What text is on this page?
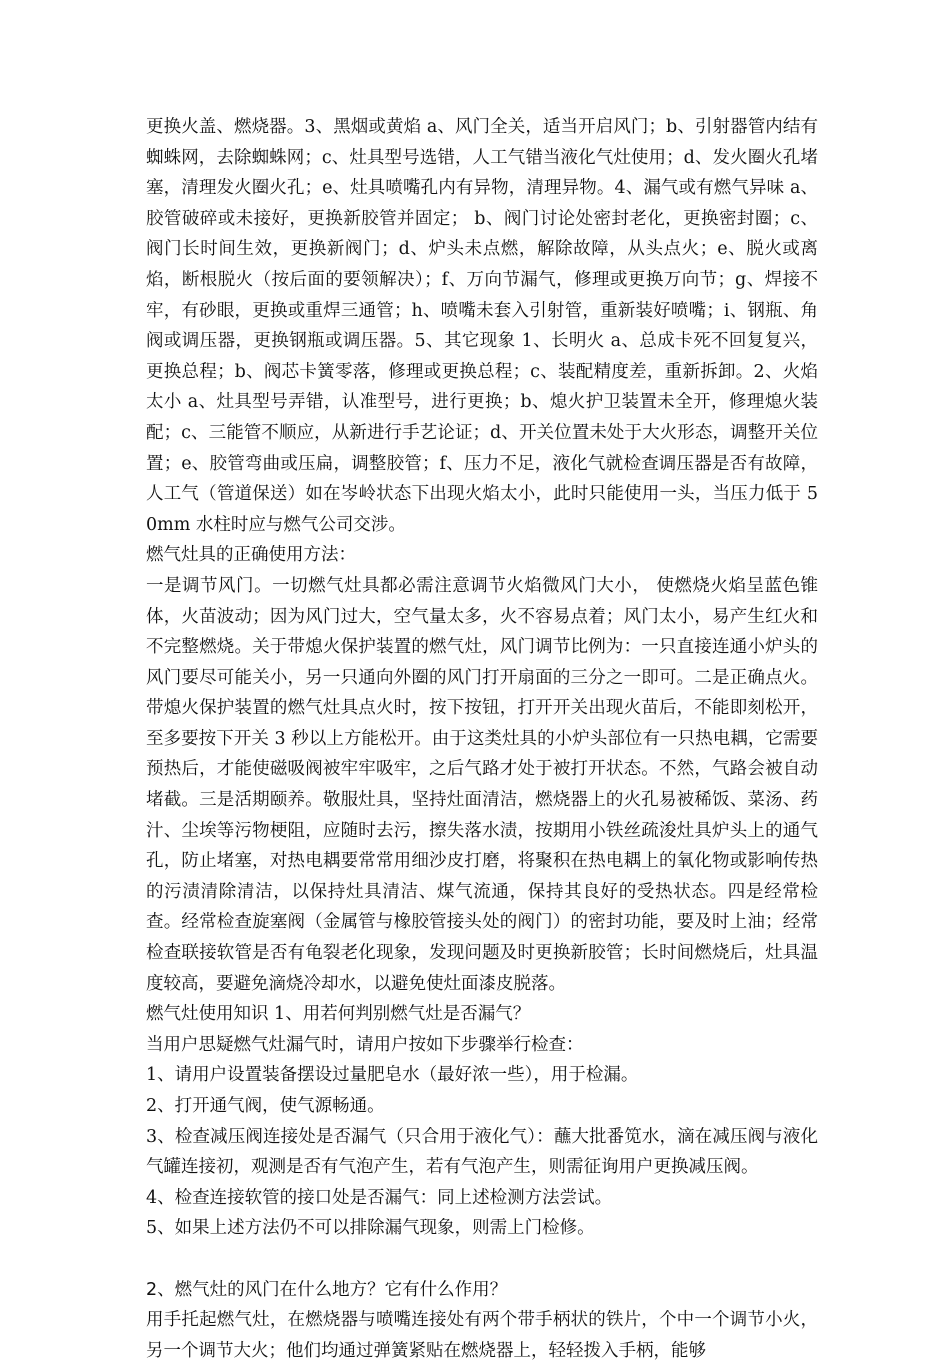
更换火盖、燃烧器。3、黑烟或黄焰 a、风门全关，适当开启风门；b、引射器管内结有蜘蛛网，去除蜘蛛网；c、灶具型号选错，人工气错当液化气灶使用；d、发火圈火孔堵塞，清理发火圈火孔；e、灶具喷嘴孔内有异物，清理异物。4、漏气或有燃气异味 a、胶管破碎或未接好，更换新胶管并固定； b、阀门讨论处密封老化，更换密封圈；c、阀门长时间生效，更换新阀门；d、炉头未点燃，解除故障，从头点火；e、脱火或离焰，断根脱火（按后面的要领解决）；f、万向节漏气，修理或更换万向节；g、焊接不牢，有砂眼，更换或重焊三通管；h、喷嘴未套入引射管，重新装好喷嘴；i、钢瓶、角阀或调压器，更换钢瓶或调压器。5、其它现象 1、长明火 a、总成卡死不回复复兴，更换总程；b、阀芯卡簧零落，修理或更换总程；c、装配精度差，重新拆卸。2、火焰太小 a、灶具型号弄错，认准型号，进行更换；b、熄火护卫装置未全开，修理熄火装配；c、三能管不顺应，从新进行手艺论证；d、开关位置未处于大火形态，调整开关位置；e、胶管弯曲或压扁，调整胶管；f、压力不足，液化气就检查调压器是否有故障，人工气（管道保送）如在岑岭状态下出现火焰太小，此时只能使用一头，当压力低于 50mm 水柱时应与燃气公司交涉。

燃气灶具的正确使用方法：

一是调节风门。一切燃气灶具都必需注意调节火焰微风门大小， 使燃烧火焰呈蓝色锥体，火苗波动；因为风门过大，空气量太多，火不容易点着；风门太小，易产生红火和不完整燃烧。关于带熄火保护装置的燃气灶，风门调节比例为：一只直接连通小炉头的风门要尽可能关小，另一只通向外圈的风门打开扇面的三分之一即可。二是正确点火。带熄火保护装置的燃气灶具点火时，按下按钮，打开开关出现火苗后，不能即刻松开，至多要按下开关 3 秒以上方能松开。由于这类灶具的小炉头部位有一只热电耦，它需要预热后，才能使磁吸阀被牢牢吸牢，之后气路才处于被打开状态。不然，气路会被自动堵截。三是活期颐养。敬服灶具，坚持灶面清洁，燃烧器上的火孔易被稀饭、菜汤、药汁、尘埃等污物梗阻，应随时去污，擦失落水渍，按期用小铁丝疏浚灶具炉头上的通气孔，防止堵塞，对热电耦要常常用细沙皮打磨，将聚积在热电耦上的氧化物或影响传热的污渍清除清洁，以保持灶具清洁、煤气流通，保持其良好的受热状态。四是经常检查。经常检查旋塞阀（金属管与橡胶管接头处的阀门）的密封功能，要及时上油；经常检查联接软管是否有龟裂老化现象，发现问题及时更换新胶管；长时间燃烧后，灶具温度较高，要避免滴烧冷却水，以避免使灶面漆皮脱落。

燃气灶使用知识 1、用若何判别燃气灶是否漏气？

当用户思疑燃气灶漏气时，请用户按如下步骤举行检查：

1、请用户设置装备摆设过量肥皂水（最好浓一些），用于检漏。

2、打开通气阀，使气源畅通。

3、检查减压阀连接处是否漏气（只合用于液化气）：蘸大批番笕水，滴在减压阀与液化气罐连接初，观测是否有气泡产生，若有气泡产生，则需征询用户更换减压阀。

4、检查连接软管的接口处是否漏气：同上述检测方法尝试。

5、如果上述方法仍不可以排除漏气现象，则需上门检修。

2、燃气灶的风门在什么地方？它有什么作用？

用手托起燃气灶，在燃烧器与喷嘴连接处有两个带手柄状的铁片，个中一个调节小火，另一个调节大火；他们均通过弹簧紧贴在燃烧器上，轻轻拨入手柄，能够
